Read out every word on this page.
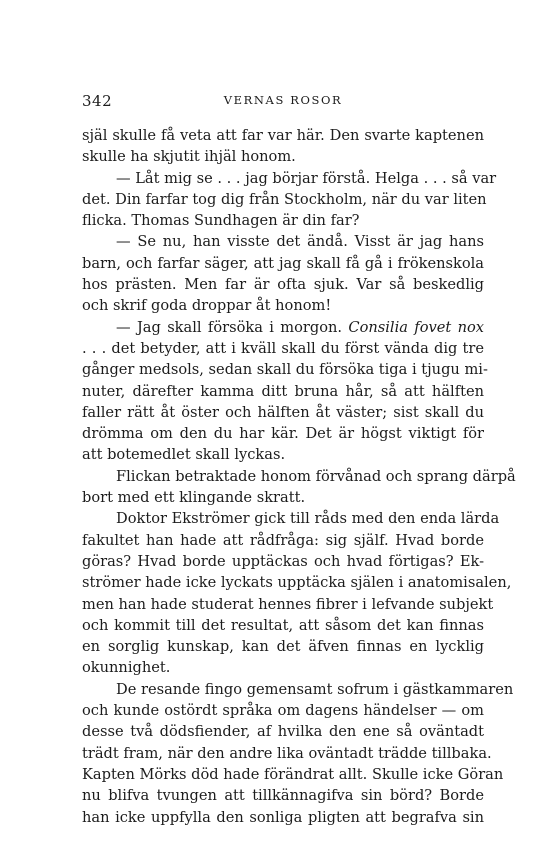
342	VERNAS ROSOR
själ skulle få veta att far var här. Den svarte kaptenen
skulle ha skjutit ihjäl honom.
— Låt mig se . . . jag börjar förstå. Helga . . . så var
det. Din farfar tog dig från Stockholm, när du var liten
flicka. Thomas Sundhagen är din far?
— Se nu, han visste det ändå. Visst är jag hans
barn, och farfar säger, att jag skall få gå i frökenskola
hos prästen. Men far är ofta sjuk. Var så beskedlig
och skrif goda droppar åt honom!
— Jag skall försöka i morgon. Consilia fovet nox
. . . det betyder, att i kväll skall du först vända dig tre
gånger medsols, sedan skall du försöka tiga i tjugu mi-
nuter, därefter kamma ditt bruna hår, så att hälften
faller rätt åt öster och hälften åt väster; sist skall du
drömma om den du har kär. Det är högst viktigt för
att botemedlet skall lyckas.
Flickan betraktade honom förvånad och sprang därpå
bort med ett klingande skratt.
Doktor Ekströmer gick till råds med den enda lärda
fakultet han hade att rådfråga: sig själf. Hvad borde
göras? Hvad borde upptäckas och hvad förtigas? Ek-
strömer hade icke lyckats upptäcka själen i anatomisalen,
men han hade studerat hennes fibrer i lefvande subjekt
och kommit till det resultat, att såsom det kan finnas
en sorglig kunskap, kan det äfven finnas en lycklig
okunnighet.
De resande fingo gemensamt sofrum i gästkammaren
och kunde ostördt språka om dagens händelser — om
desse två dödsfiender, af hvilka den ene så oväntadt
trädt fram, när den andre lika oväntadt trädde tillbaka.
Kapten Mörks död hade förändrat allt. Skulle icke Göran
nu blifva tvungen att tillkännagifva sin börd? Borde
han icke uppfylla den sonliga pligten att begrafva sin
